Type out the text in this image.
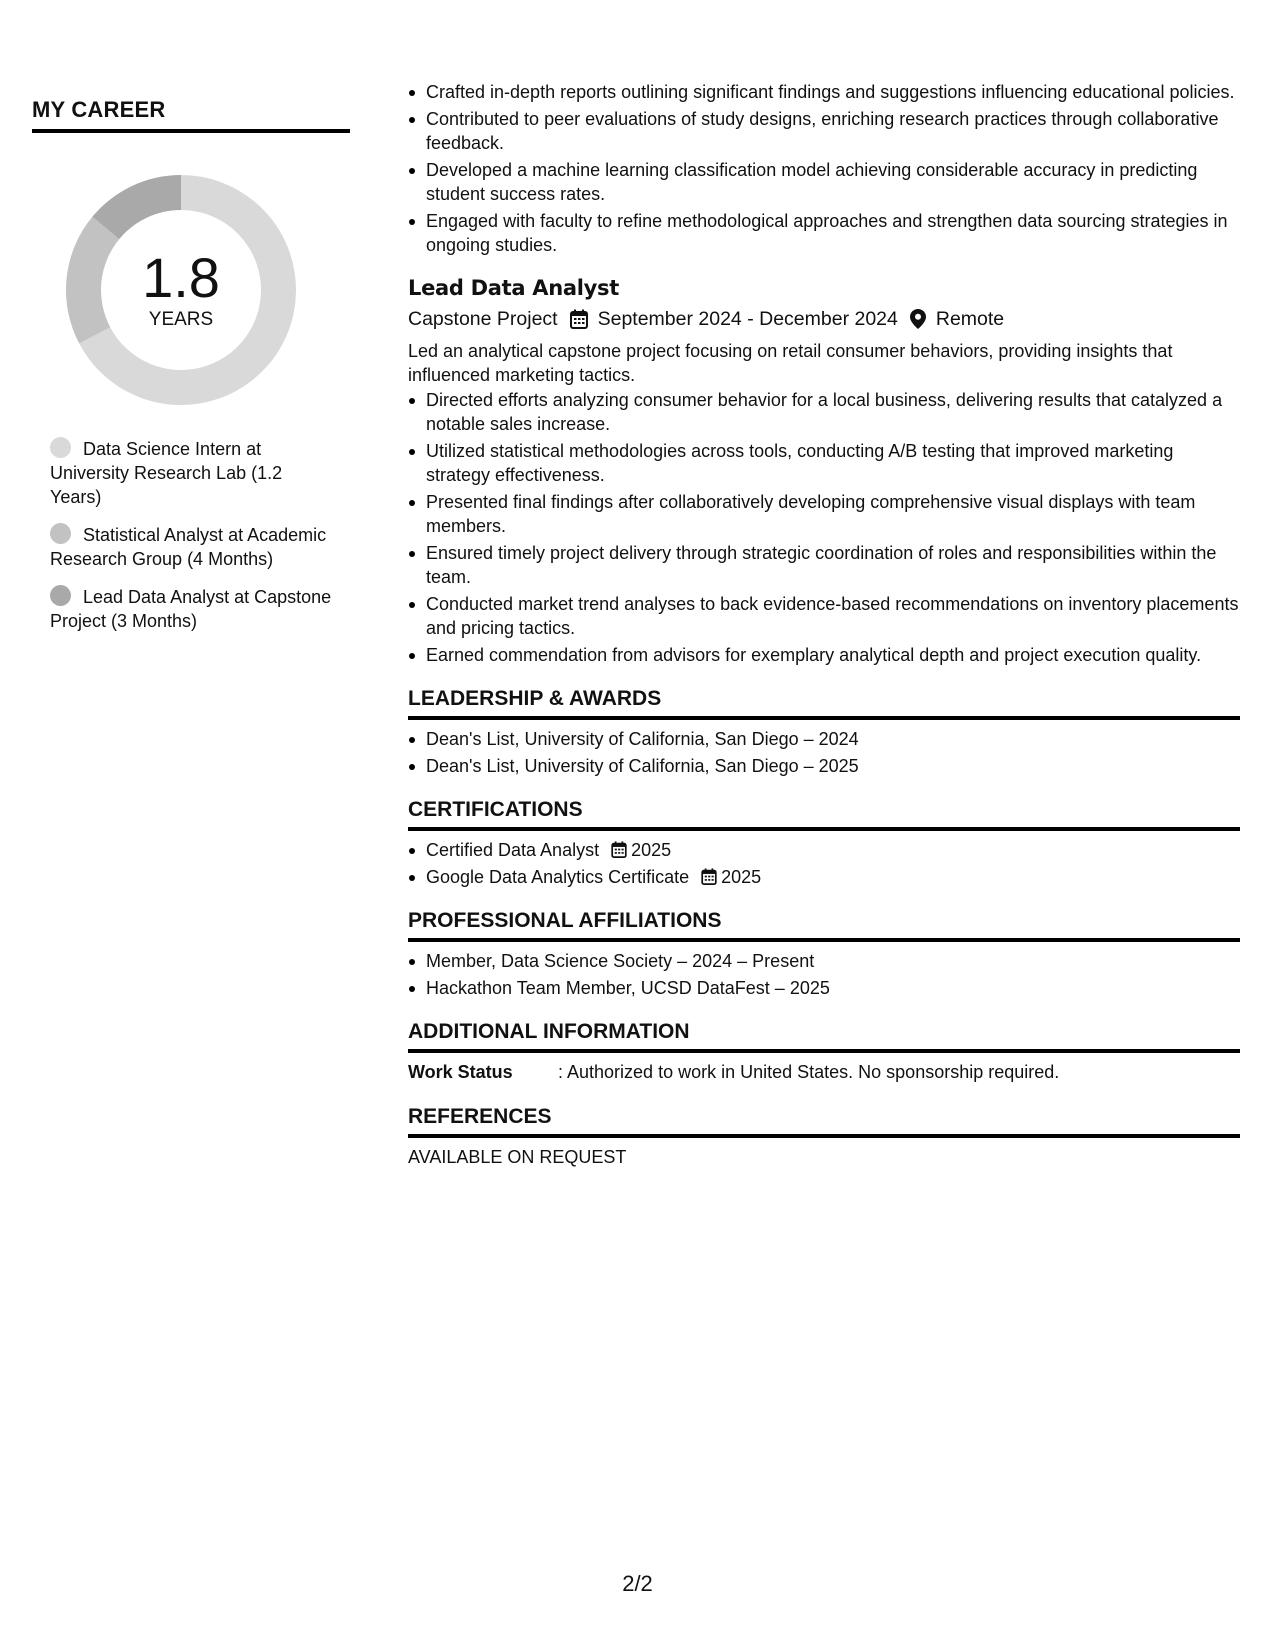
MY CAREER
1.8
YEARS
Data Science Intern at University Research Lab (1.2 Years)
Statistical Analyst at Academic Research Group (4 Months)
Lead Data Analyst at Capstone Project (3 Months)
Crafted in-depth reports outlining significant findings and suggestions influencing educational policies.
Contributed to peer evaluations of study designs, enriching research practices through collaborative feedback.
Developed a machine learning classification model achieving considerable accuracy in predicting student success rates.
Engaged with faculty to refine methodological approaches and strengthen data sourcing strategies in ongoing studies.
Lead Data Analyst
Capstone Project September 2024 - December 2024 Remote
Led an analytical capstone project focusing on retail consumer behaviors, providing insights that influenced marketing tactics.
Directed efforts analyzing consumer behavior for a local business, delivering results that catalyzed a notable sales increase.
Utilized statistical methodologies across tools, conducting A/B testing that improved marketing strategy effectiveness.
Presented final findings after collaboratively developing comprehensive visual displays with team members.
Ensured timely project delivery through strategic coordination of roles and responsibilities within the team.
Conducted market trend analyses to back evidence-based recommendations on inventory placements and pricing tactics.
Earned commendation from advisors for exemplary analytical depth and project execution quality.
LEADERSHIP & AWARDS
Dean's List, University of California, San Diego – 2024
Dean's List, University of California, San Diego – 2025
CERTIFICATIONS
Certified Data Analyst 2025
Google Data Analytics Certificate 2025
PROFESSIONAL AFFILIATIONS
Member, Data Science Society – 2024 – Present
Hackathon Team Member, UCSD DataFest – 2025
ADDITIONAL INFORMATION
Work Status	: Authorized to work in United States. No sponsorship required.
REFERENCES
AVAILABLE ON REQUEST
2/2
